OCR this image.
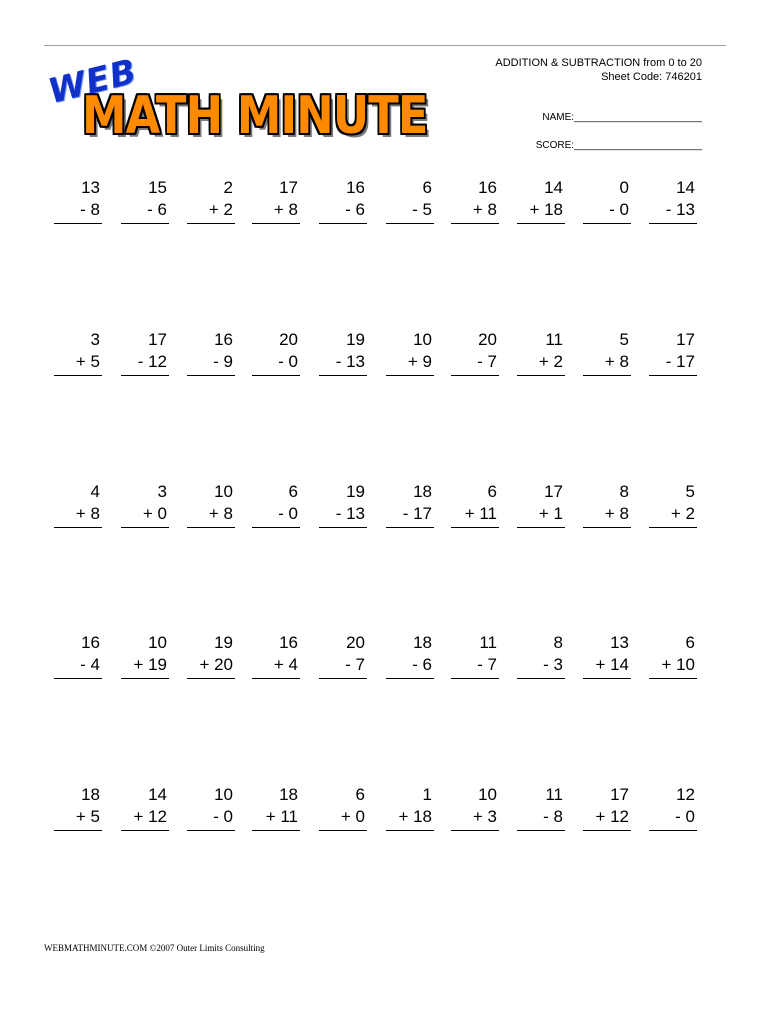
WEB
MATH MINUTE
ADDITION & SUBTRACTION from 0 to 20
Sheet Code: 746201
NAME:_______________________
SCORE:_______________________
13
- 8
15
- 6
2
+ 2
17
+ 8
16
- 6
6
- 5
16
+ 8
14
+ 18
0
- 0
14
- 13
3
+ 5
17
- 12
16
- 9
20
- 0
19
- 13
10
+ 9
20
- 7
11
+ 2
5
+ 8
17
- 17
4
+ 8
3
+ 0
10
+ 8
6
- 0
19
- 13
18
- 17
6
+ 11
17
+ 1
8
+ 8
5
+ 2
16
- 4
10
+ 19
19
+ 20
16
+ 4
20
- 7
18
- 6
11
- 7
8
- 3
13
+ 14
6
+ 10
18
+ 5
14
+ 12
10
- 0
18
+ 11
6
+ 0
1
+ 18
10
+ 3
11
- 8
17
+ 12
12
- 0
WEBMATHMINUTE.COM ©2007 Outer Limits Consulting
